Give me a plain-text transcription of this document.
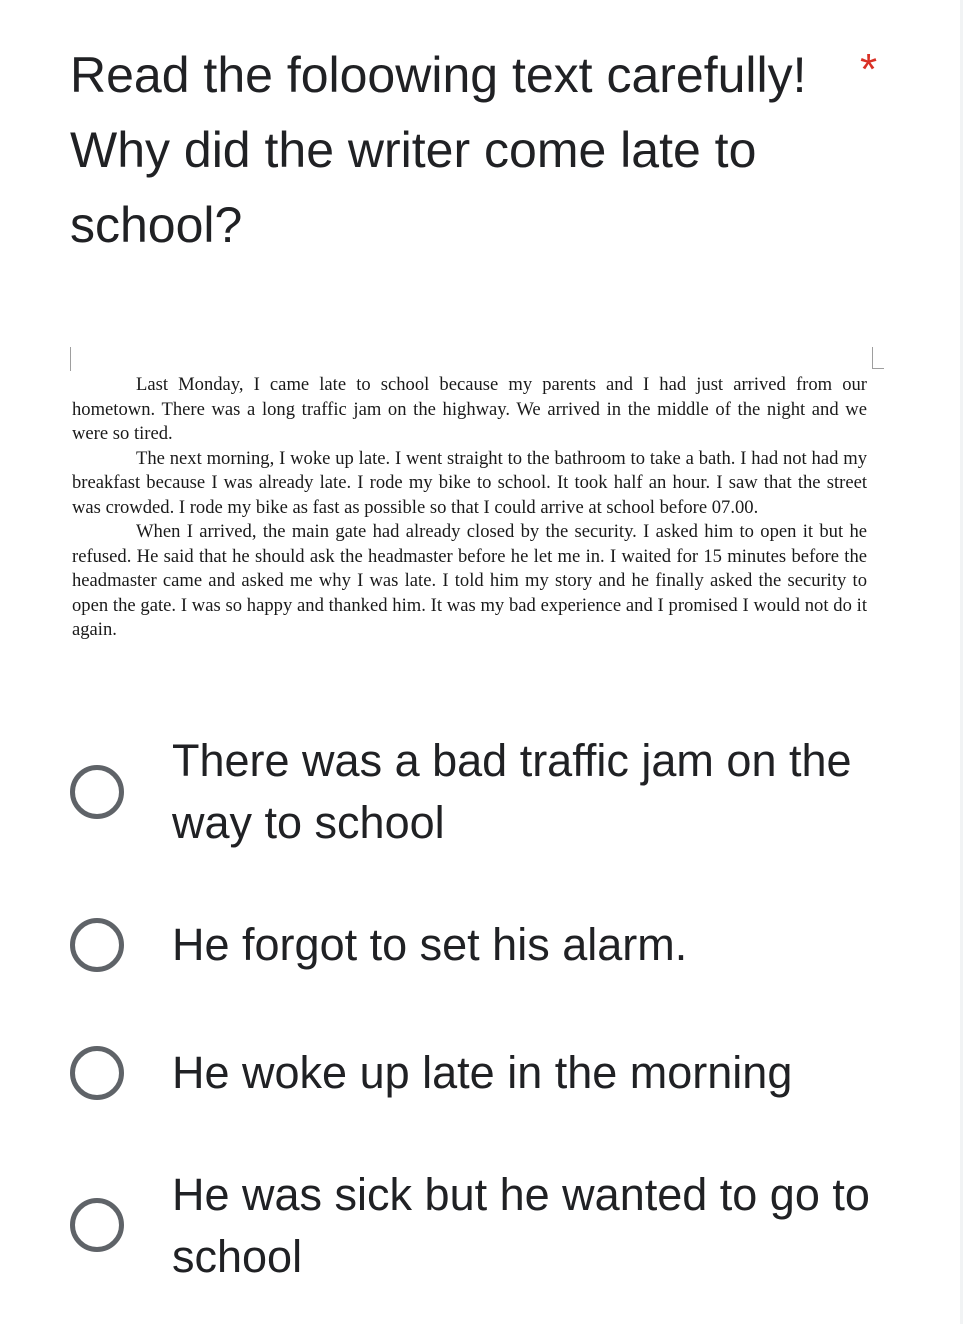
Read the foloowing text carefully! Why did the writer come late to school?
*

Last Monday, I came late to school because my parents and I had just arrived from our hometown. There was a long traffic jam on the highway. We arrived in the middle of the night and we were so tired.

The next morning, I woke up late. I went straight to the bathroom to take a bath. I had not had my breakfast because I was already late. I rode my bike to school. It took half an hour. I saw that the street was crowded. I rode my bike as fast as possible so that I could arrive at school before 07.00.

When I arrived, the main gate had already closed by the security. I asked him to open it but he refused. He said that he should ask the headmaster before he let me in. I waited for 15 minutes before the headmaster came and asked me why I was late. I told him my story and he finally asked the security to open the gate. I was so happy and thanked him. It was my bad experience and I promised I would not do it again.

There was a bad traffic jam on the way to school
He forgot to set his alarm.
He woke up late in the morning
He was sick but he wanted to go to school
